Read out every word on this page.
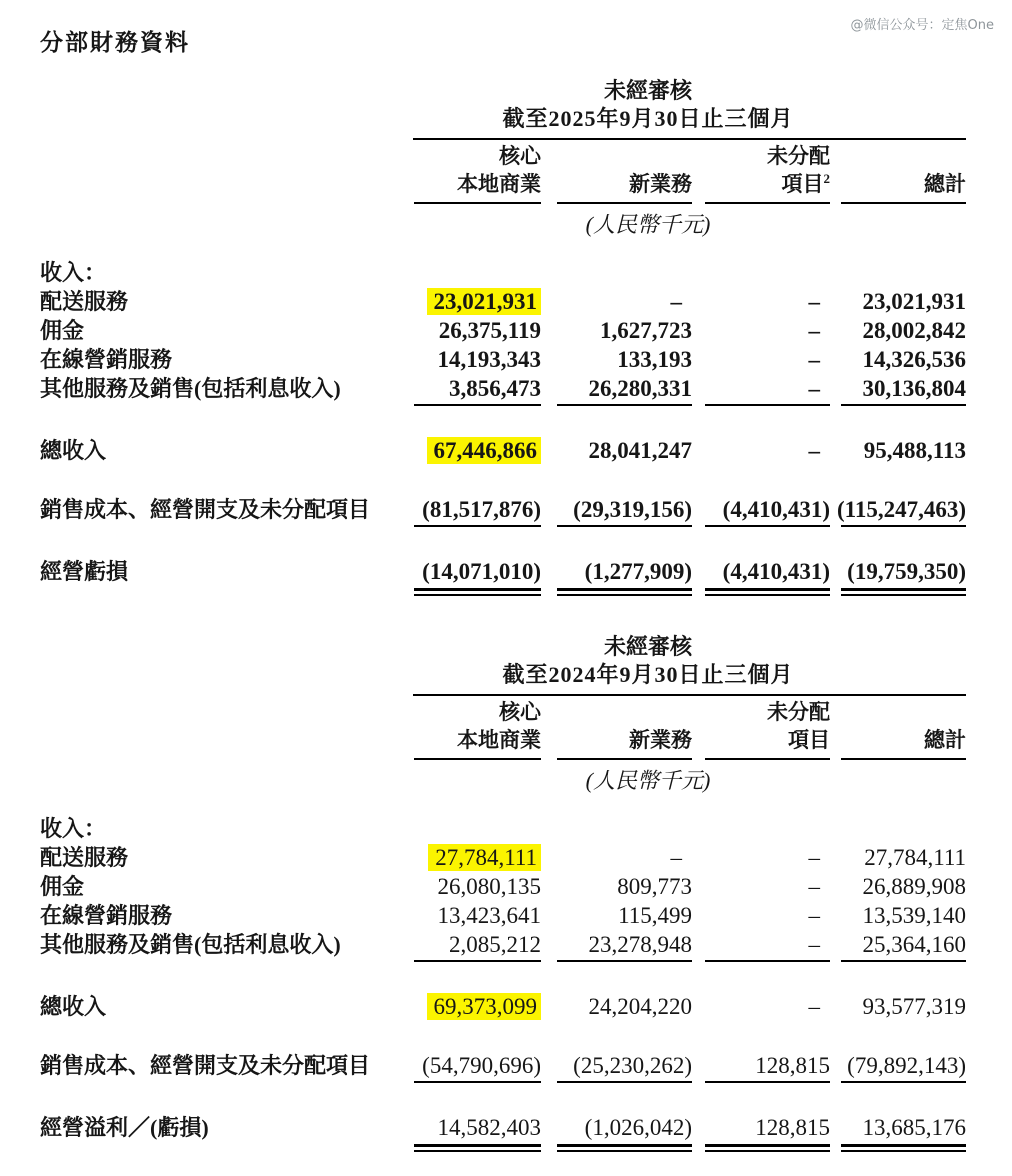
分部財務資料
@微信公众号：定焦One
未經審核
截至2025年9月30日止三個月
核心
本地商業
	新業務
未分配
項目$^2$
	總計
(人民幣千元)
收入：
配送服務	23,021,931	–	–	23,021,931
佣金	26,375,119	1,627,723	–	28,002,842
在線營銷服務	14,193,343	133,193	–	14,326,536
其他服務及銷售(包括利息收入)	3,856,473	26,280,331	–	30,136,804
總收入	67,446,866	28,041,247	–	95,488,113
銷售成本、經營開支及未分配項目	(81,517,876)	(29,319,156)	(4,410,431) (115,247,463)
經營虧損	(14,071,010)	(1,277,909)	(4,410,431) (19,759,350)
未經審核
截至2024年9月30日止三個月
核心
本地商業
	新業務
未分配
項目
	總計
(人民幣千元)
收入：
配送服務	27,784,111	–	–	27,784,111
佣金	26,080,135	809,773	–	26,889,908
在線營銷服務	13,423,641	115,499	–	13,539,140
其他服務及銷售(包括利息收入)	2,085,212	23,278,948	–	25,364,160
總收入	69,373,099	24,204,220	–	93,577,319
銷售成本、經營開支及未分配項目	(54,790,696)	(25,230,262)	128,815 (79,892,143)
經營溢利／(虧損)	14,582,403	(1,026,042)	128,815	13,685,176
